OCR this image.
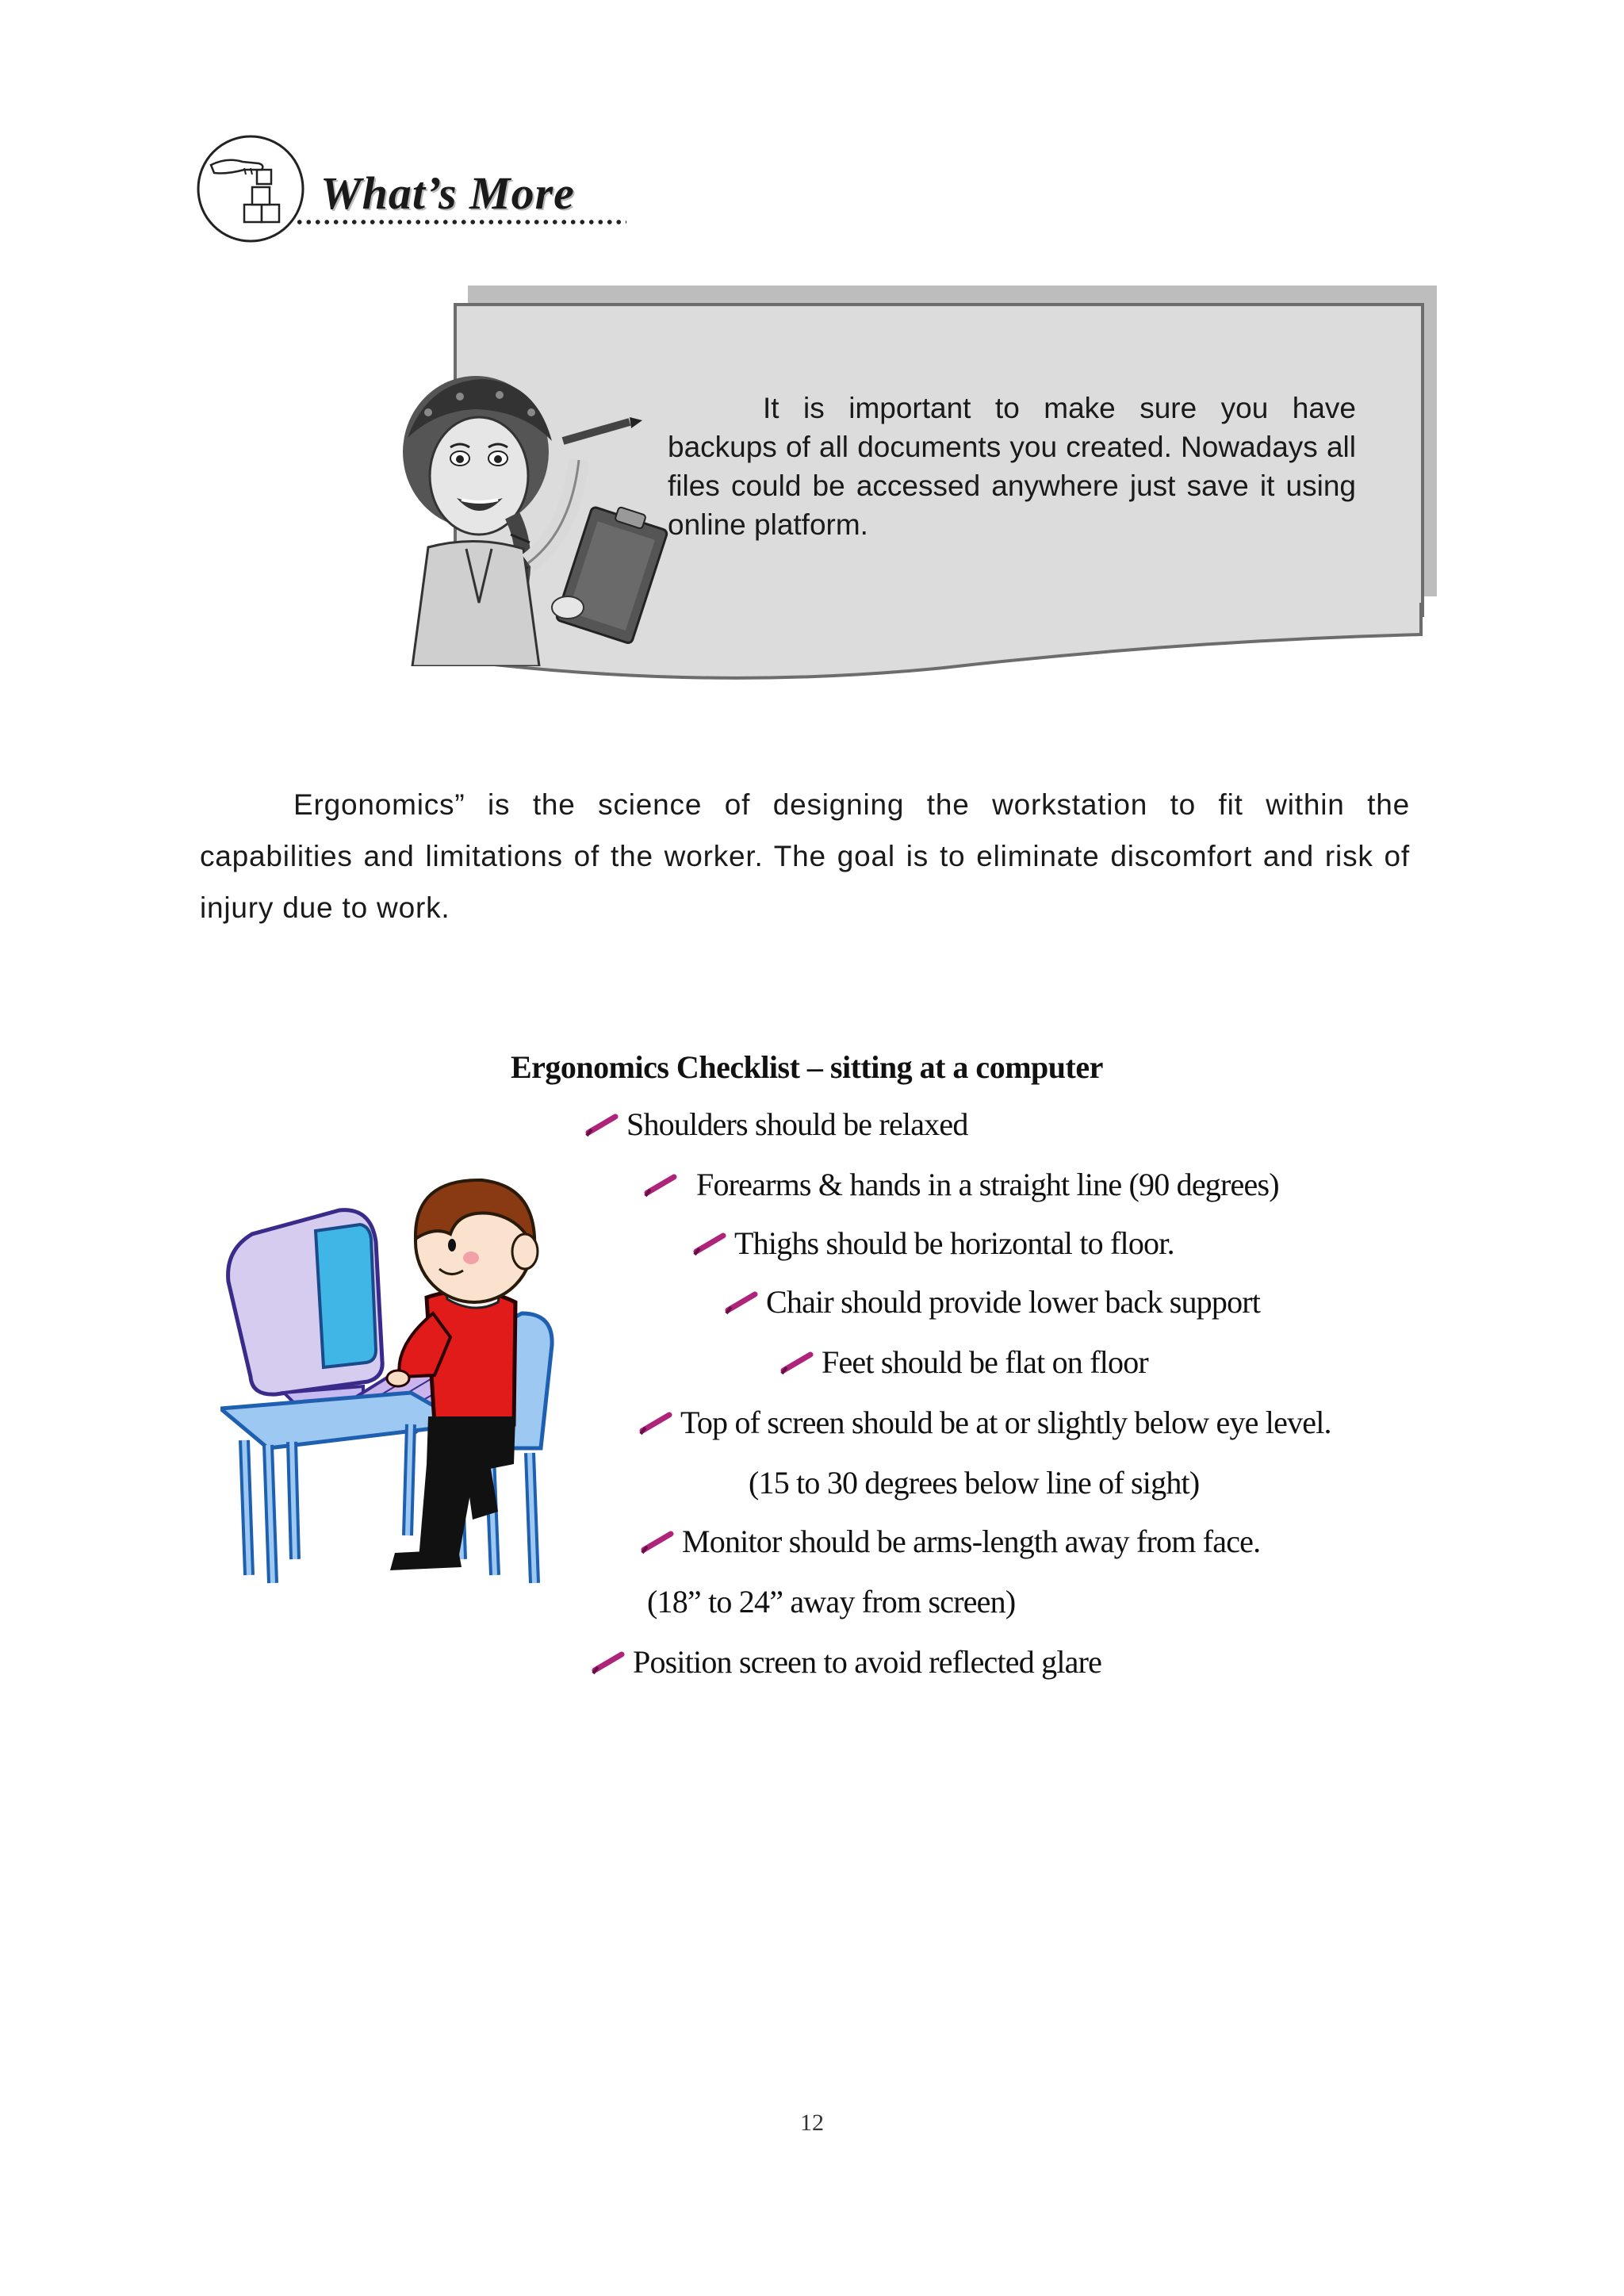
What’s More
It is important to make sure you have backups of all documents you created. Nowadays all files could be accessed anywhere just save it using online platform.
Ergonomics” is the science of designing the workstation to fit within the capabilities and limitations of the worker. The goal is to eliminate discomfort and risk of injury due to work.
Ergonomics Checklist – sitting at a computer
Shoulders should be relaxed
Forearms & hands in a straight line (90 degrees)
Thighs should be horizontal to floor.
Chair should provide lower back support
Feet should be flat on floor
Top of screen should be at or slightly below eye level.
(15 to 30 degrees below line of sight)
Monitor should be arms-length away from face.
(18” to 24” away from screen)
Position screen to avoid reflected glare
12
